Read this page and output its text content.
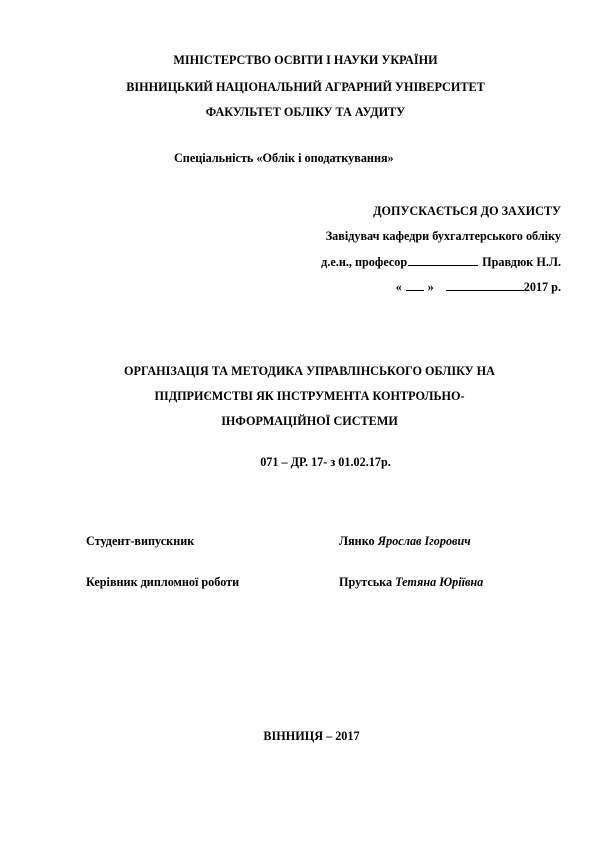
МІНІСТЕРСТВО ОСВІТИ І НАУКИ УКРАЇНИ
ВІННИЦЬКИЙ НАЦІОНАЛЬНИЙ АГРАРНИЙ УНІВЕРСИТЕТ
ФАКУЛЬТЕТ ОБЛІКУ ТА АУДИТУ
Спеціальність «Облік і оподаткування»
ДОПУСКАЄТЬСЯ ДО ЗАХИСТУ
Завідувач кафедри бухгалтерського обліку
д.е.н., професор	Правдюк Н.Л.
« »	2017 р.
ОРГАНІЗАЦІЯ ТА МЕТОДИКА УПРАВЛІНСЬКОГО ОБЛІКУ НА
ПІДПРИЄМСТВІ ЯК ІНСТРУМЕНТА КОНТРОЛЬНО-
ІНФОРМАЦІЙНОЇ СИСТЕМИ
071 – ДР. 17- з 01.02.17р.
Студент-випускник	Лянко Ярослав Ігорович
Керівник дипломної роботи	Прутська Тетяна Юріївна
ВІННИЦЯ – 2017
